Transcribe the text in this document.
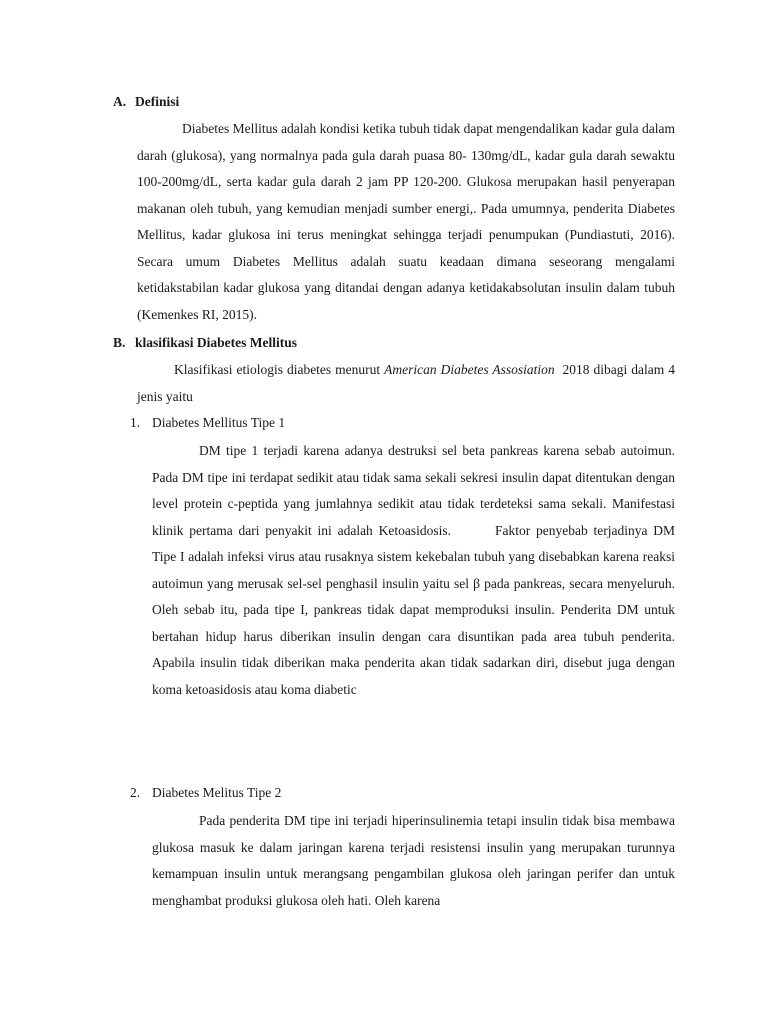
A. Definisi

Diabetes Mellitus adalah kondisi ketika tubuh tidak dapat mengendalikan kadar gula dalam darah (glukosa), yang normalnya pada gula darah puasa 80- 130mg/dL, kadar gula darah sewaktu 100-200mg/dL, serta kadar gula darah 2 jam PP 120-200. Glukosa merupakan hasil penyerapan makanan oleh tubuh, yang kemudian menjadi sumber energi,. Pada umumnya, penderita Diabetes Mellitus, kadar glukosa ini terus meningkat sehingga terjadi penumpukan (Pundiastuti, 2016). Secara umum Diabetes Mellitus adalah suatu keadaan dimana seseorang mengalami ketidakstabilan kadar glukosa yang ditandai dengan adanya ketidakabsolutan insulin dalam tubuh (Kemenkes RI, 2015).

B. klasifikasi Diabetes Mellitus

Klasifikasi etiologis diabetes menurut American Diabetes Assosiation  2018 dibagi dalam 4 jenis yaitu

1. Diabetes Mellitus Tipe 1

DM tipe 1 terjadi karena adanya destruksi sel beta pankreas karena sebab autoimun. Pada DM tipe ini terdapat sedikit atau tidak sama sekali sekresi insulin dapat ditentukan dengan level protein c-peptida yang jumlahnya sedikit atau tidak terdeteksi sama sekali. Manifestasi klinik pertama dari penyakit ini adalah Ketoasidosis.	Faktor penyebab terjadinya DM Tipe I adalah infeksi virus atau rusaknya sistem kekebalan tubuh yang disebabkan karena reaksi autoimun yang merusak sel-sel penghasil insulin yaitu sel β pada pankreas, secara menyeluruh. Oleh sebab itu, pada tipe I, pankreas tidak dapat memproduksi insulin. Penderita DM untuk bertahan hidup harus diberikan insulin dengan cara disuntikan pada area tubuh penderita. Apabila insulin tidak diberikan maka penderita akan tidak sadarkan diri, disebut juga dengan koma ketoasidosis atau koma diabetic

2. Diabetes Melitus Tipe 2

Pada penderita DM tipe ini terjadi hiperinsulinemia tetapi insulin tidak bisa membawa glukosa masuk ke dalam jaringan karena terjadi resistensi insulin yang merupakan turunnya kemampuan insulin untuk merangsang pengambilan glukosa oleh jaringan perifer dan untuk menghambat produksi glukosa oleh hati. Oleh karena
